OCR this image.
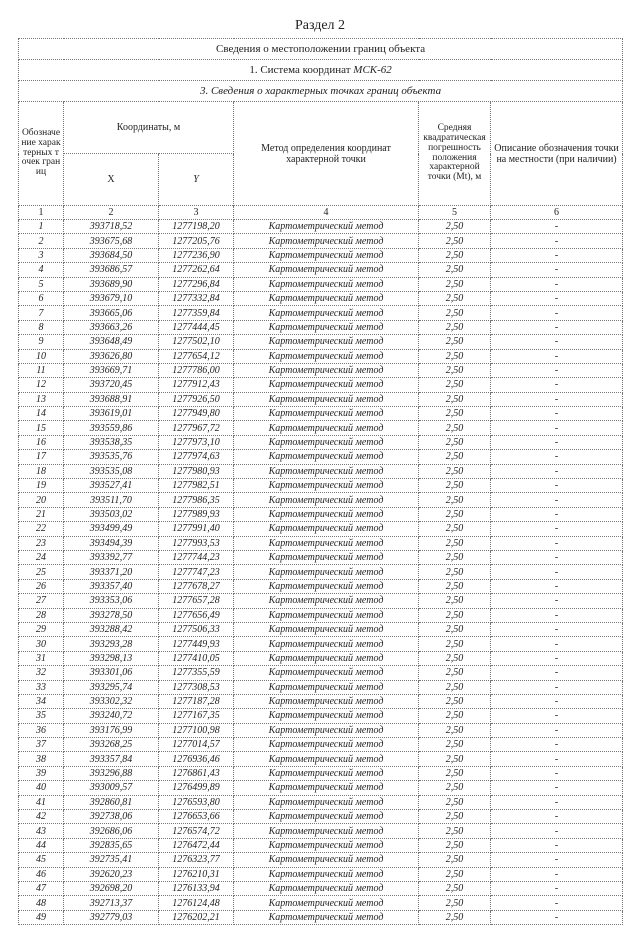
Раздел 2
Сведения о местоположении границ объекта					
1. Система координат МСК-62					
3. Сведения о характерных точках границ объекта					
Обозначение характерных точек границ	Координаты, м		Метод определения координат характерной точки	Средняя квадратическая погрешность положения характерной точки (Mt), м	Описание обозначения точки на местности (при наличии)
	X	Y			
1	2	3	4	5	6
1	393718,52	1277198,20	Картометрический метод	2,50	-
2	393675,68	1277205,76	Картометрический метод	2,50	-
3	393684,50	1277236,90	Картометрический метод	2,50	-
4	393686,57	1277262,64	Картометрический метод	2,50	-
5	393689,90	1277296,84	Картометрический метод	2,50	-
6	393679,10	1277332,84	Картометрический метод	2,50	-
7	393665,06	1277359,84	Картометрический метод	2,50	-
8	393663,26	1277444,45	Картометрический метод	2,50	-
9	393648,49	1277502,10	Картометрический метод	2,50	-
10	393626,80	1277654,12	Картометрический метод	2,50	-
11	393669,71	1277786,00	Картометрический метод	2,50	-
12	393720,45	1277912,43	Картометрический метод	2,50	-
13	393688,91	1277926,50	Картометрический метод	2,50	-
14	393619,01	1277949,80	Картометрический метод	2,50	-
15	393559,86	1277967,72	Картометрический метод	2,50	-
16	393538,35	1277973,10	Картометрический метод	2,50	-
17	393535,76	1277974,63	Картометрический метод	2,50	-
18	393535,08	1277980,93	Картометрический метод	2,50	-
19	393527,41	1277982,51	Картометрический метод	2,50	-
20	393511,70	1277986,35	Картометрический метод	2,50	-
21	393503,02	1277989,93	Картометрический метод	2,50	-
22	393499,49	1277991,40	Картометрический метод	2,50	-
23	393494,39	1277993,53	Картометрический метод	2,50	-
24	393392,77	1277744,23	Картометрический метод	2,50	-
25	393371,20	1277747,23	Картометрический метод	2,50	-
26	393357,40	1277678,27	Картометрический метод	2,50	-
27	393353,06	1277657,28	Картометрический метод	2,50	-
28	393278,50	1277656,49	Картометрический метод	2,50	-
29	393288,42	1277506,33	Картометрический метод	2,50	-
30	393293,28	1277449,93	Картометрический метод	2,50	-
31	393298,13	1277410,05	Картометрический метод	2,50	-
32	393301,06	1277355,59	Картометрический метод	2,50	-
33	393295,74	1277308,53	Картометрический метод	2,50	-
34	393302,32	1277187,28	Картометрический метод	2,50	-
35	393240,72	1277167,35	Картометрический метод	2,50	-
36	393176,99	1277100,98	Картометрический метод	2,50	-
37	393268,25	1277014,57	Картометрический метод	2,50	-
38	393357,84	1276936,46	Картометрический метод	2,50	-
39	393296,88	1276861,43	Картометрический метод	2,50	-
40	393009,57	1276499,89	Картометрический метод	2,50	-
41	392860,81	1276593,80	Картометрический метод	2,50	-
42	392738,06	1276653,66	Картометрический метод	2,50	-
43	392686,06	1276574,72	Картометрический метод	2,50	-
44	392835,65	1276472,44	Картометрический метод	2,50	-
45	392735,41	1276323,77	Картометрический метод	2,50	-
46	392620,23	1276210,31	Картометрический метод	2,50	-
47	392698,20	1276133,94	Картометрический метод	2,50	-
48	392713,37	1276124,48	Картометрический метод	2,50	-
49	392779,03	1276202,21	Картометрический метод	2,50	-
